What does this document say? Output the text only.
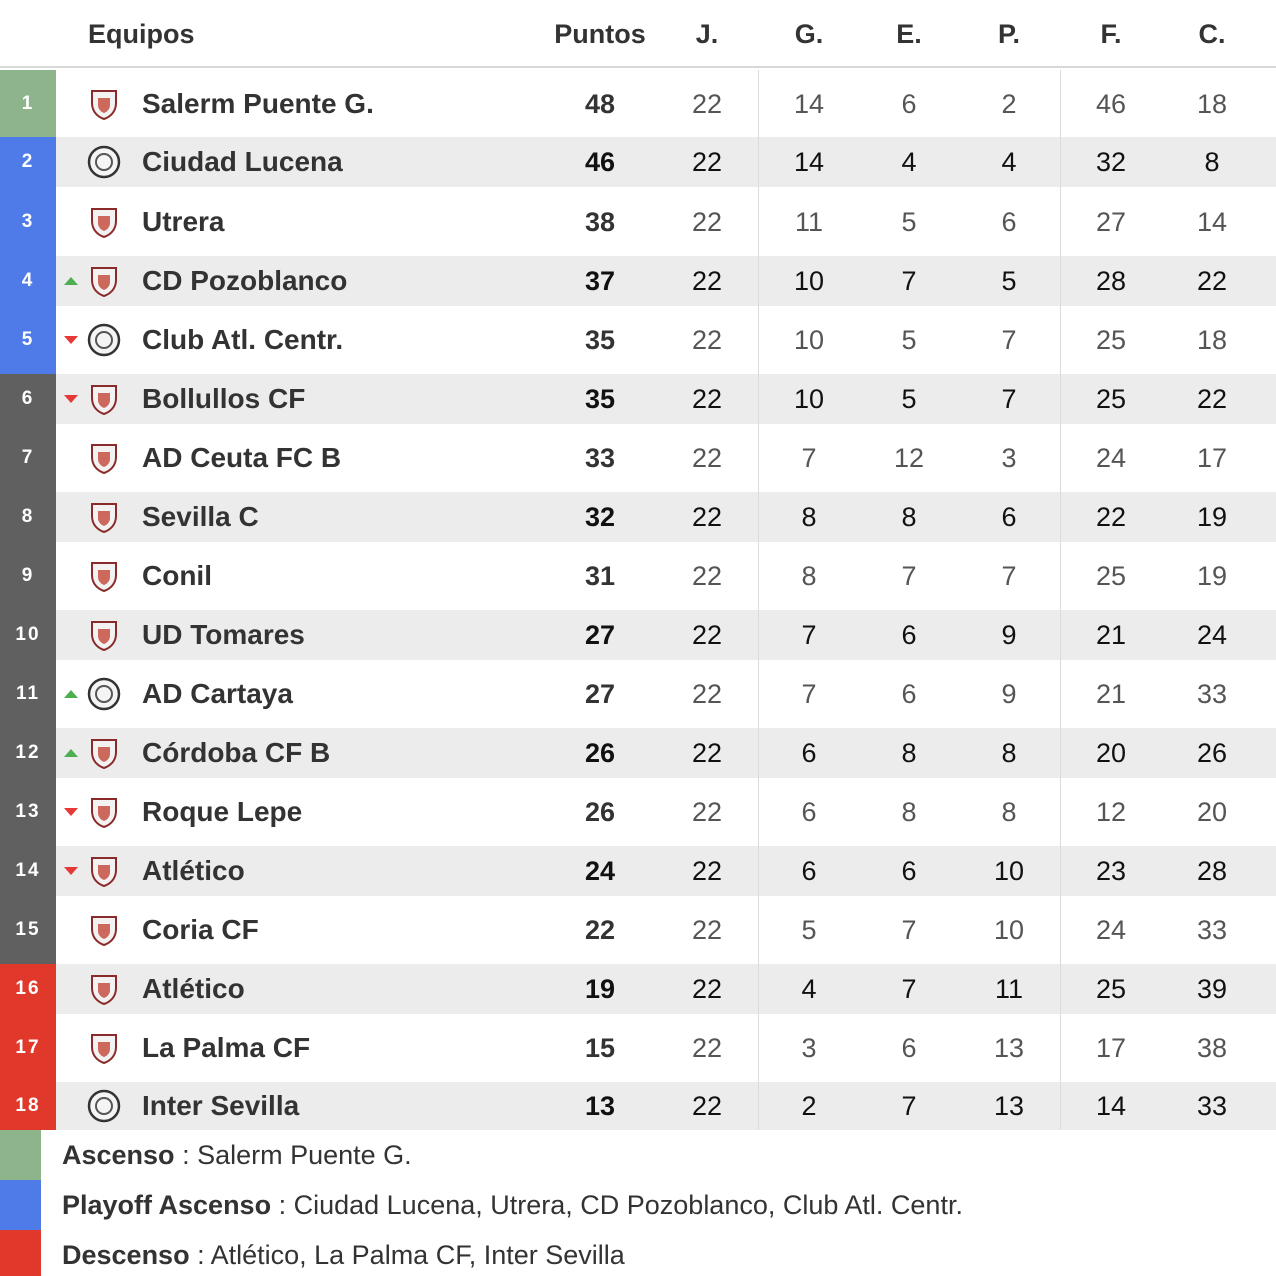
Equipos	Puntos	J.	G.	E.	P.	F.	C.
1	Salerm Puente G.	48	22	14	6	2	46	18
2	Ciudad Lucena	46	22	14	4	4	32	8
3	Utrera	38	22	11	5	6	27	14
4	CD Pozoblanco	37	22	10	7	5	28	22
5	Club Atl. Centr.	35	22	10	5	7	25	18
6	Bollullos CF	35	22	10	5	7	25	22
7	AD Ceuta FC B	33	22	7	12	3	24	17
8	Sevilla C	32	22	8	8	6	22	19
9	Conil	31	22	8	7	7	25	19
10	UD Tomares	27	22	7	6	9	21	24
11	AD Cartaya	27	22	7	6	9	21	33
12	Córdoba CF B	26	22	6	8	8	20	26
13	Roque Lepe	26	22	6	8	8	12	20
14	Atlético	24	22	6	6	10	23	28
15	Coria CF	22	22	5	7	10	24	33
16	Atlético	19	22	4	7	11	25	39
17	La Palma CF	15	22	3	6	13	17	38
18	Inter Sevilla	13	22	2	7	13	14	33
Ascenso : Salerm Puente G.
Playoff Ascenso : Ciudad Lucena, Utrera, CD Pozoblanco, Club Atl. Centr.
Descenso : Atlético, La Palma CF, Inter Sevilla
